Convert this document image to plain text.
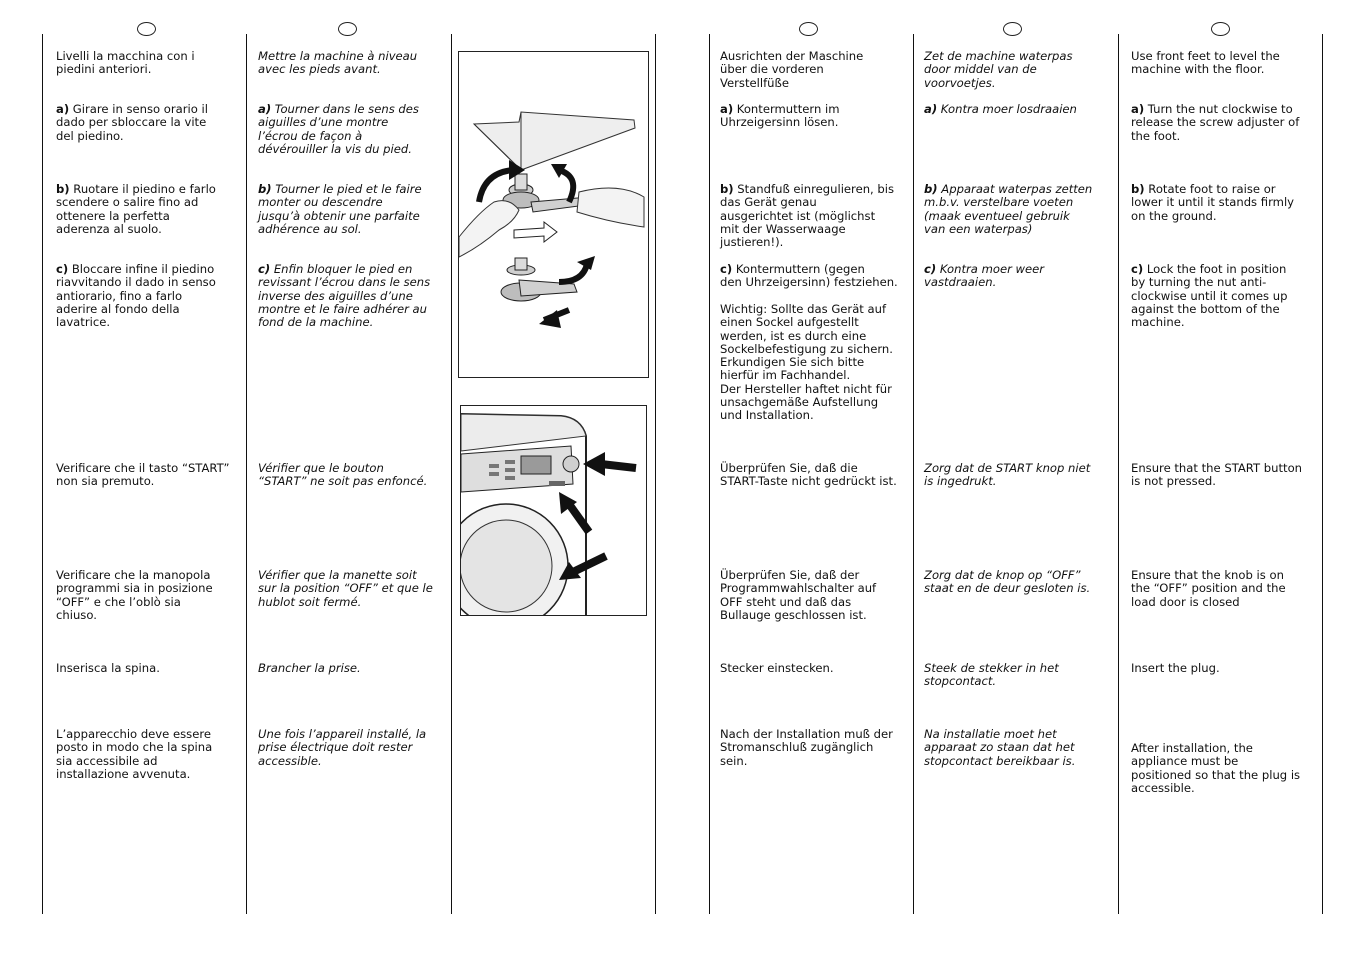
Livelli la macchina con i
piedini anteriori.
a) Girare in senso orario il
dado per sbloccare la vite
del piedino.
b) Ruotare il piedino e farlo
scendere o salire fino ad
ottenere la perfetta
aderenza al suolo.
c) Bloccare infine il piedino
riavvitando il dado in senso
antiorario, fino a farlo
aderire al fondo della
lavatrice.
Verificare che il tasto “START”
non sia premuto.
Verificare che la manopola
programmi sia in posizione
“OFF” e che l’oblò sia
chiuso.
Inserisca la spina.
L’apparecchio deve essere
posto in modo che la spina
sia accessibile ad
installazione avvenuta.
Mettre la machine à niveau
avec les pieds avant.
a) Tourner dans le sens des
aiguilles d’une montre
l’écrou de façon à
dévérouiller la vis du pied.
b) Tourner le pied et le faire
monter ou descendre
jusqu’à obtenir une parfaite
adhérence au sol.
c) Enfin bloquer le pied en
revissant l’écrou dans le sens
inverse des aiguilles d’une
montre et le faire adhérer au
fond de la machine.
Vérifier que le bouton
“START” ne soit pas enfoncé.
Vérifier que la manette soit
sur la position “OFF” et que le
hublot soit fermé.
Brancher la prise.
Une fois l’appareil installé, la
prise électrique doit rester
accessible.
Ausrichten der Maschine
über die vorderen
Verstellfüße
a) Kontermuttern im
Uhrzeigersinn lösen.
b) Standfuß einregulieren, bis
das Gerät genau
ausgerichtet ist (möglichst
mit der Wasserwaage
justieren!).
c) Kontermuttern (gegen
den Uhrzeigersinn) festziehen.
Wichtig: Sollte das Gerät auf
einen Sockel aufgestellt
werden, ist es durch eine
Sockelbefestigung zu sichern.
Erkundigen Sie sich bitte
hierfür im Fachhandel.
Der Hersteller haftet nicht für
unsachgemäße Aufstellung
und Installation.
Überprüfen Sie, daß die
START-Taste nicht gedrückt ist.
Überprüfen Sie, daß der
Programmwahlschalter auf
OFF steht und daß das
Bullauge geschlossen ist.
Stecker einstecken.
Nach der Installation muß der
Stromanschluß zugänglich
sein.
Zet de machine waterpas
door middel van de
voorvoetjes.
a) Kontra moer losdraaien
b) Apparaat waterpas zetten
m.b.v. verstelbare voeten
(maak eventueel gebruik
van een waterpas)
c) Kontra moer weer
vastdraaien.
Zorg dat de START knop niet
is ingedrukt.
Zorg dat de knop op “OFF”
staat en de deur gesloten is.
Steek de stekker in het
stopcontact.
Na installatie moet het
apparaat zo staan dat het
stopcontact bereikbaar is.
Use front feet to level the
machine with the floor.
a) Turn the nut clockwise to
release the screw adjuster of
the foot.
b) Rotate foot to raise or
lower it until it stands firmly
on the ground.
c) Lock the foot in position
by turning the nut anti-
clockwise until it comes up
against the bottom of the
machine.
Ensure that the START button
is not pressed.
Ensure that the knob is on
the “OFF” position and the
load door is closed
Insert the plug.
After installation, the
appliance must be
positioned so that the plug is
accessible.
